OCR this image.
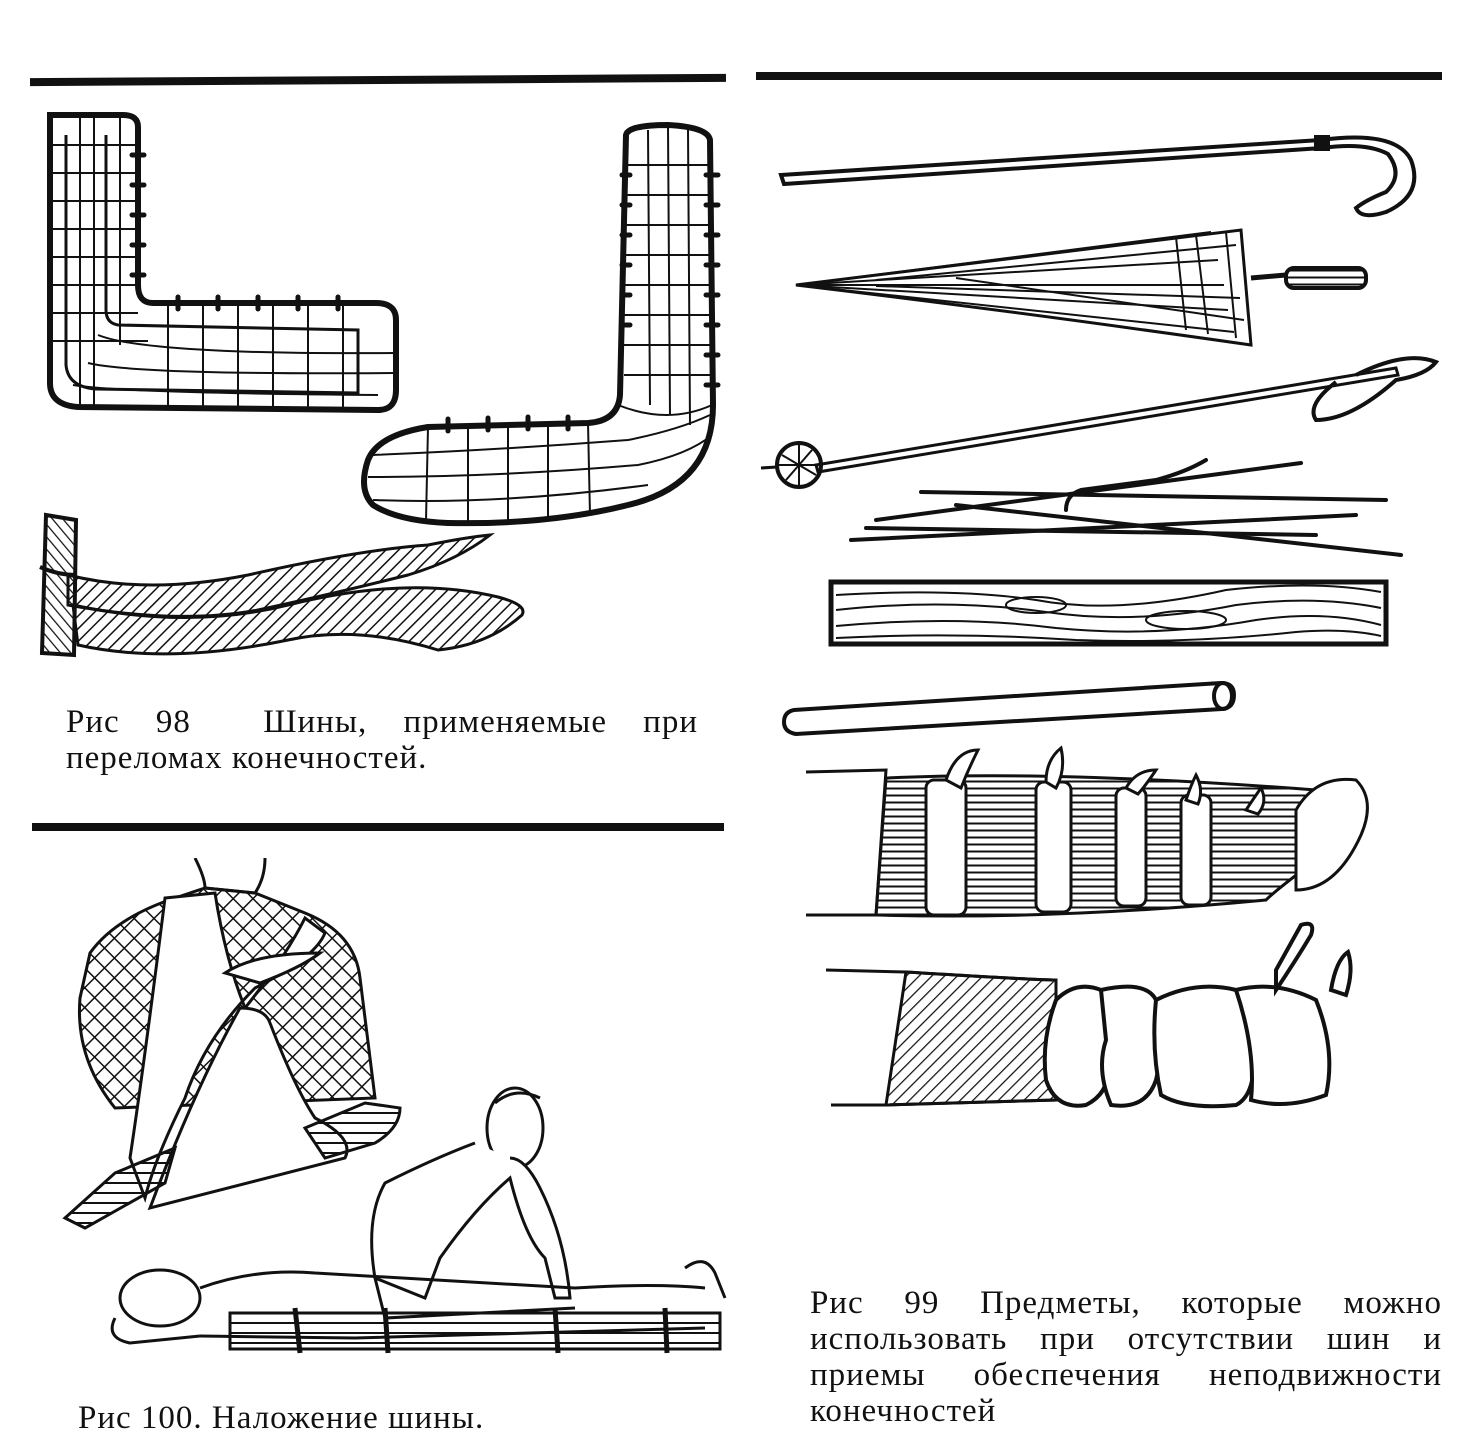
Рис 98 Шины, применяемые при
переломах конечностей.

Рис 99 Предметы, которые можно
использовать при отсутствии шин и
приемы обеспечения неподвижности
конечностей

Рис 100. Наложение шины.
